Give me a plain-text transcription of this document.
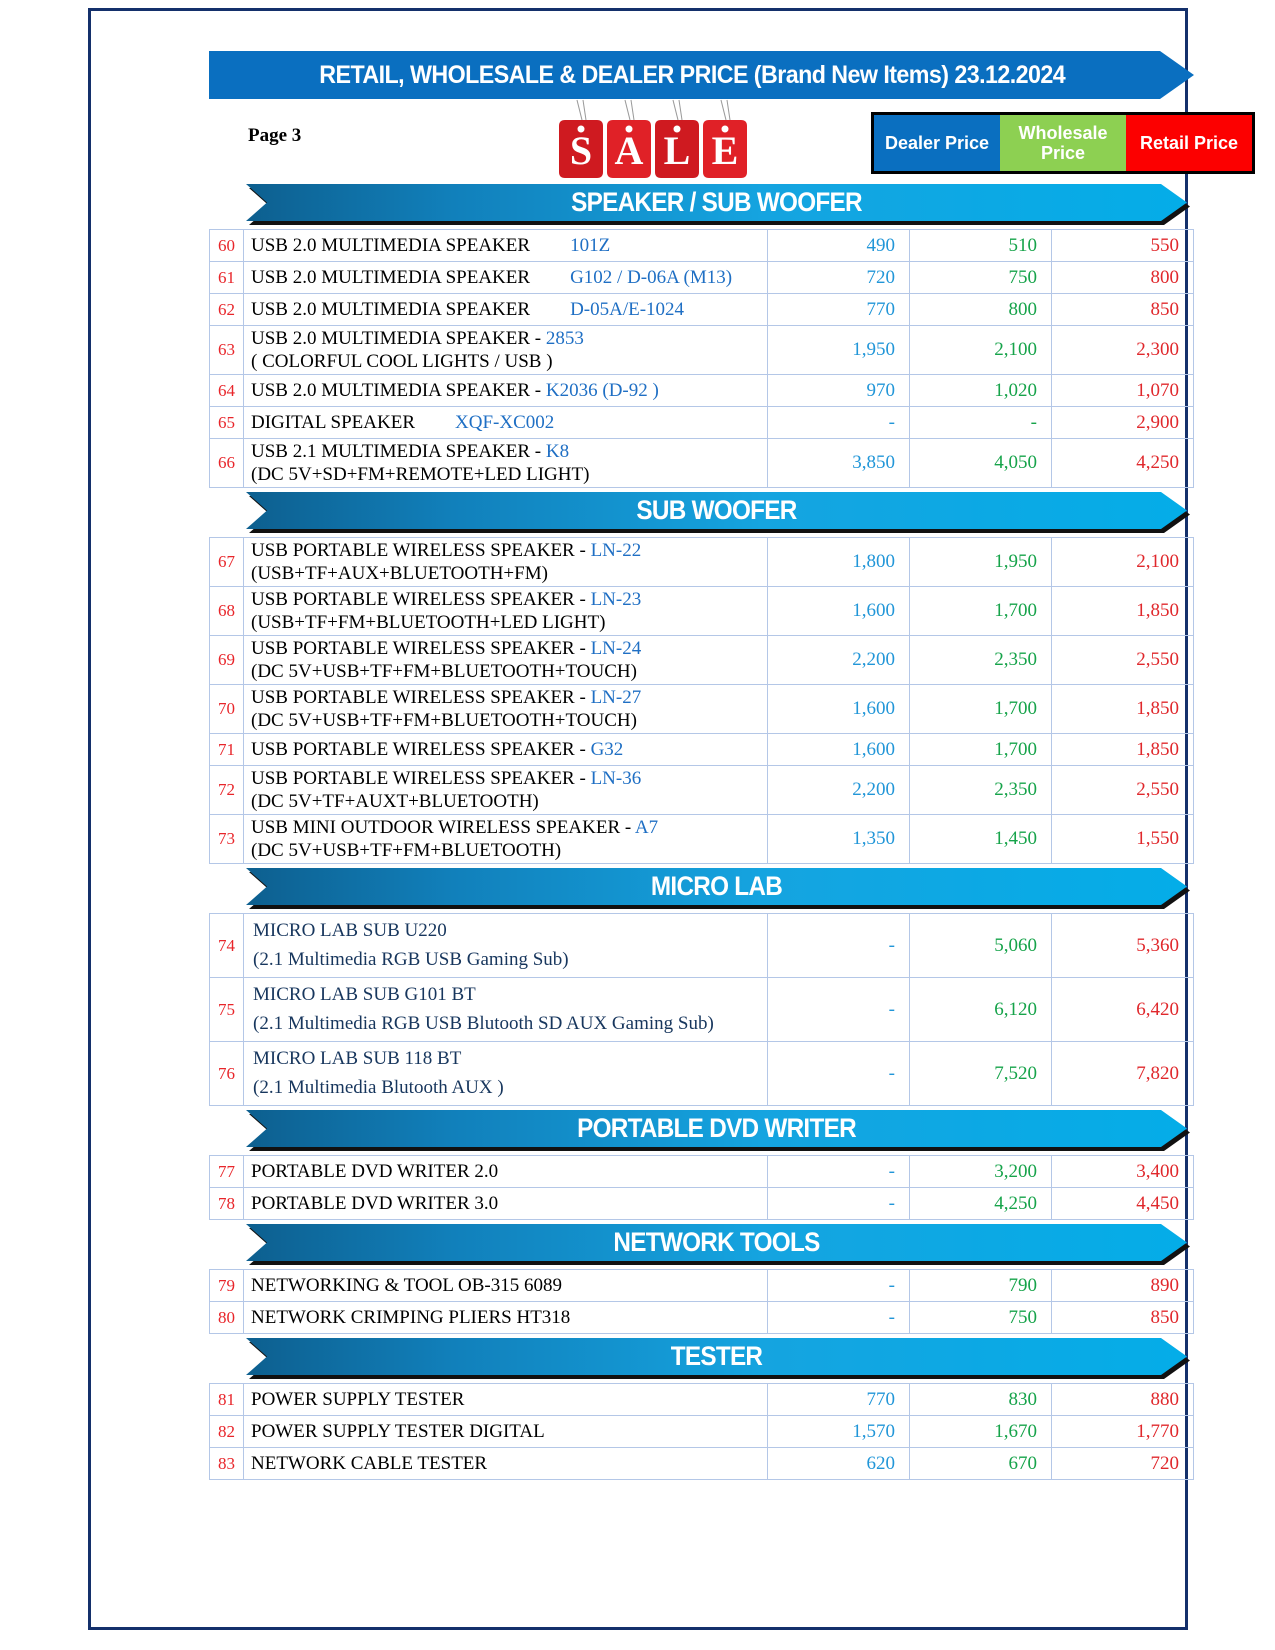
RETAIL, WHOLESALE & DEALER PRICE (Brand New Items) 23.12.2024
Page 3	S A L E	Dealer Price
Wholesale Price
Retail Price
SPEAKER / SUB WOOFER
60	USB 2.0 MULTIMEDIA SPEAKER 101Z	490	510	550
61	USB 2.0 MULTIMEDIA SPEAKER G102 / D-06A (M13)	720	750	800
62	USB 2.0 MULTIMEDIA SPEAKER D-05A/E-1024	770	800	850
63	USB 2.0 MULTIMEDIA SPEAKER - 2853
( COLORFUL COOL LIGHTS / USB )	1,950	2,100	2,300
64	USB 2.0 MULTIMEDIA SPEAKER - K2036 (D-92 )	970	1,020	1,070
65	DIGITAL SPEAKER XQF-XC002	-	-	2,900
66	USB 2.1 MULTIMEDIA SPEAKER - K8
(DC 5V+SD+FM+REMOTE+LED LIGHT)	3,850	4,050	4,250
SUB WOOFER
67	USB PORTABLE WIRELESS SPEAKER - LN-22
(USB+TF+AUX+BLUETOOTH+FM)	1,800	1,950	2,100
68	USB PORTABLE WIRELESS SPEAKER - LN-23
(USB+TF+FM+BLUETOOTH+LED LIGHT)	1,600	1,700	1,850
69	USB PORTABLE WIRELESS SPEAKER - LN-24
(DC 5V+USB+TF+FM+BLUETOOTH+TOUCH)	2,200	2,350	2,550
70	USB PORTABLE WIRELESS SPEAKER - LN-27
(DC 5V+USB+TF+FM+BLUETOOTH+TOUCH)	1,600	1,700	1,850
71	USB PORTABLE WIRELESS SPEAKER - G32	1,600	1,700	1,850
72	USB PORTABLE WIRELESS SPEAKER - LN-36
(DC 5V+TF+AUXT+BLUETOOTH)	2,200	2,350	2,550
73	USB MINI OUTDOOR WIRELESS SPEAKER - A7
(DC 5V+USB+TF+FM+BLUETOOTH)	1,350	1,450	1,550
MICRO LAB
74	MICRO LAB SUB U220
(2.1 Multimedia RGB USB Gaming Sub)	-	5,060	5,360
75	MICRO LAB SUB G101 BT
(2.1 Multimedia RGB USB Blutooth SD AUX Gaming Sub)	-	6,120	6,420
76	MICRO LAB SUB 118 BT
(2.1 Multimedia Blutooth AUX )	-	7,520	7,820
PORTABLE DVD WRITER
77	PORTABLE DVD WRITER 2.0	-	3,200	3,400
78	PORTABLE DVD WRITER 3.0	-	4,250	4,450
NETWORK TOOLS
79	NETWORKING & TOOL OB-315 6089	-	790	890
80	NETWORK CRIMPING PLIERS HT318	-	750	850
TESTER
81	POWER SUPPLY TESTER	770	830	880
82	POWER SUPPLY TESTER DIGITAL	1,570	1,670	1,770
83	NETWORK CABLE TESTER	620	670	720
